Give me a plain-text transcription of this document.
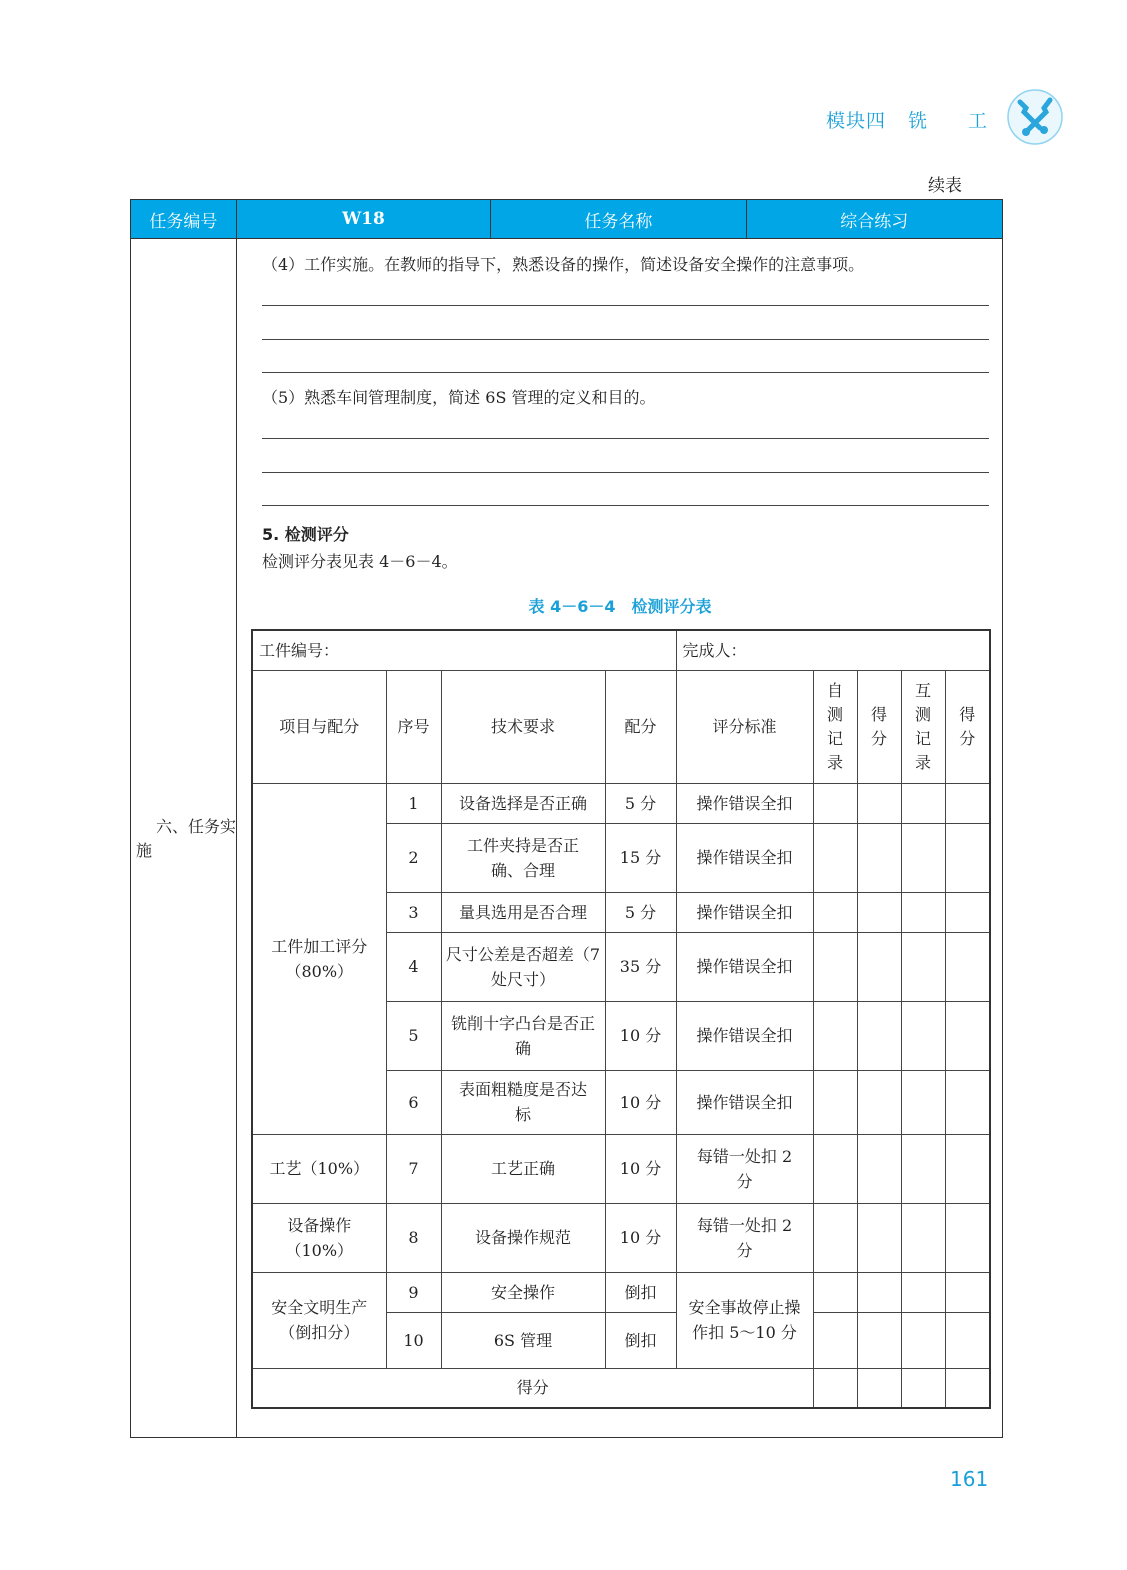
模块四 铣 工
续表
任务编号	W18	任务名称	综合练习
六、任务实施
（4）工作实施。在教师的指导下，熟悉设备的操作，简述设备安全操作的注意事项。
（5）熟悉车间管理制度，简述 6S 管理的定义和目的。
5. 检测评分
检测评分表见表 4－6－4。
表 4－6－4　检测评分表
工件编号：				完成人：				
项目与配分	序号	技术要求	配分	评分标准	自测记录	得分	互测记录	得分
工件加工评分（80%）	1	设备选择是否正确	5 分	操作错误全扣				
	2	工件夹持是否正确、合理	15 分	操作错误全扣				
	3	量具选用是否合理	5 分	操作错误全扣				
	4	尺寸公差是否超差（7 处尺寸）	35 分	操作错误全扣				
	5	铣削十字凸台是否正确	10 分	操作错误全扣				
	6	表面粗糙度是否达标	10 分	操作错误全扣				
工艺（10%）	7	工艺正确	10 分	每错一处扣 2 分				
设备操作（10%）	8	设备操作规范	10 分	每错一处扣 2 分				
安全文明生产（倒扣分）	9	安全操作	倒扣	安全事故停止操作扣 5～10 分				
	10	6S 管理	倒扣					
得分								
161
